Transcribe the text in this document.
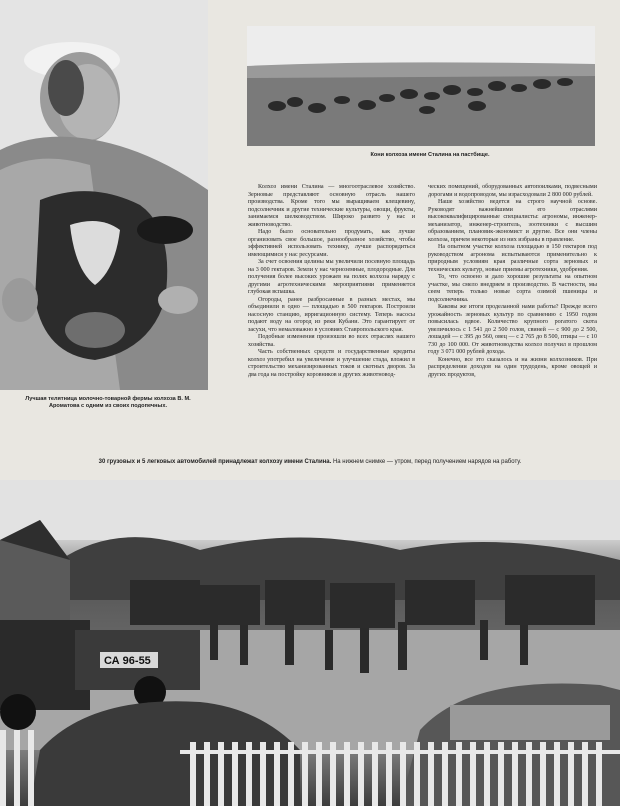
Лучшая телятница молочно-товарной фермы колхоза В. М. Ароматова с одним из своих подопечных.
Кони колхоза имени Сталина на пастбище.

Колхоз имени Сталина — многоотраслевое хозяйство. Зерновые представляют основную отрасль нашего производства. Кроме того мы выращиваем клещевину, подсолнечник и другие технические культуры, овощи, фрукты, занимаемся шелководством. Широко развито у нас и животноводство.

Надо было основательно продумать, как лучше организовать свое большое, разнообразное хозяйство, чтобы эффективней использовать технику, лучше распорядиться имеющимися у нас ресурсами.

За счет освоения целины мы увеличили посевную площадь на 3 000 гектаров. Земли у нас черноземные, плодородные. Для получения более высоких урожаев на полях колхоза наряду с другими агротехническими мероприятиями применяется глубокая вспашка.

Огороды, ранее разбросанные в разных местах, мы объединили в одно — площадью в 500 гектаров. Построили насосную станцию, ирригационную систему. Теперь насосы подают воду на огород из реки Кубани. Это гарантирует от засухи, что немаловажно в условиях Ставропольского края.

Подобные изменения произошли во всех отраслях нашего хозяйства.

Часть собственных средств и государственные кредиты колхоз употребил на увеличение и улучшение стада, вложил в строительство механизированных токов и скотных дворов. За два года на постройку коровников и других животновод-

ческих помещений, оборудованных автопоилками, подвесными дорогами и водопроводом, мы израсходовали 2 800 000 рублей.

Наше хозяйство ведется на строго научной основе. Руководят важнейшими его отраслями высококвалифицированные специалисты: агрономы, инженер-механизатор, инженер-строитель, зоотехники с высшим образованием, плановик-экономист и другие. Все они члены колхоза, причем некоторые из них избраны в правление.

На опытном участке колхоза площадью в 150 гектаров под руководством агронома испытываются применительно к природным условиям края различные сорта зерновых и технических культур, новые приемы агротехники, удобрения.

То, что освоено и дало хорошие результаты на опытном участке, мы смело внедряем в производство. В частности, мы сеем теперь только новые сорта озимой пшеницы и подсолнечника.

Каковы же итоги проделанной нами работы? Прежде всего урожайность зерновых культур по сравнению с 1950 годом повысилась вдвое. Количество крупного рогатого скота увеличилось с 1 541 до 2 500 голов, свиней — с 900 до 2 500, лошадей — с 395 до 560, овец — с 2 765 до 8 500, птицы — с 10 730 до 100 000. От животноводства колхоз получил в прошлом году 3 071 000 рублей дохода.

Конечно, все это сказалось и на жизни колхозников. При распределении доходов на один трудодень, кроме овощей и других продуктов,

30 грузовых и 5 легковых автомобилей принадлежат колхозу имени Сталина. На нижнем снимке — утром, перед получением нарядов на работу.
СА 96-55
